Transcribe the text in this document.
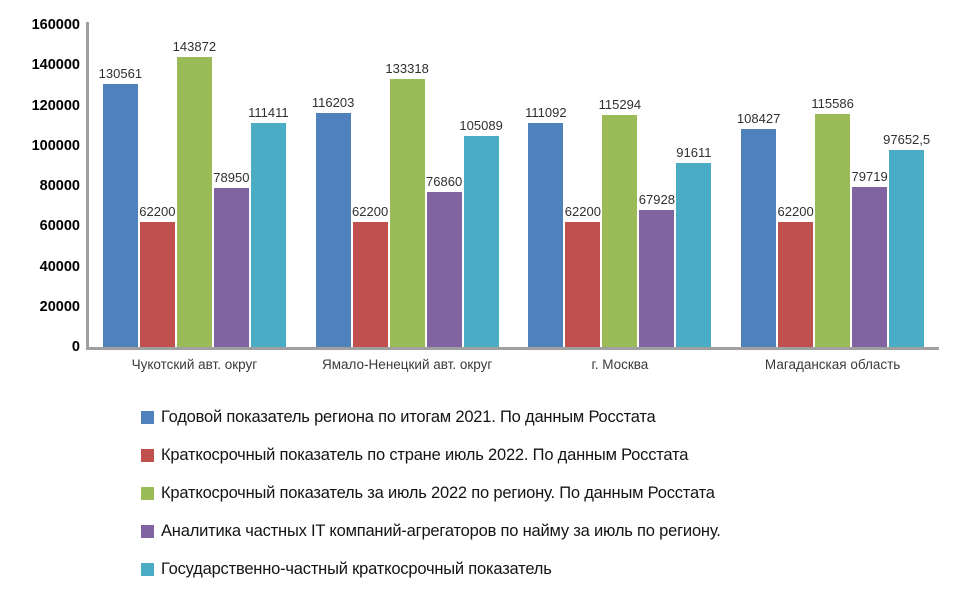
0
20000
40000
60000
80000
100000
120000
140000
160000
130561
62200
143872
78950
111411
116203
62200
133318
76860
105089
111092
62200
115294
67928
91611
108427
62200
115586
79719
97652,5
Чукотский авт. округ	Ямало-Ненецкий авт. округ	г. Москва	Магаданская область
Годовой показатель региона по итогам 2021. По данным Росстата
Краткосрочный показатель по стране июль 2022. По данным Росстата
Краткосрочный показатель за июль 2022 по региону. По данным Росстата
Аналитика частных IT компаний-агрегаторов по найму за июль по региону.
Государственно-частный краткосрочный показатель
